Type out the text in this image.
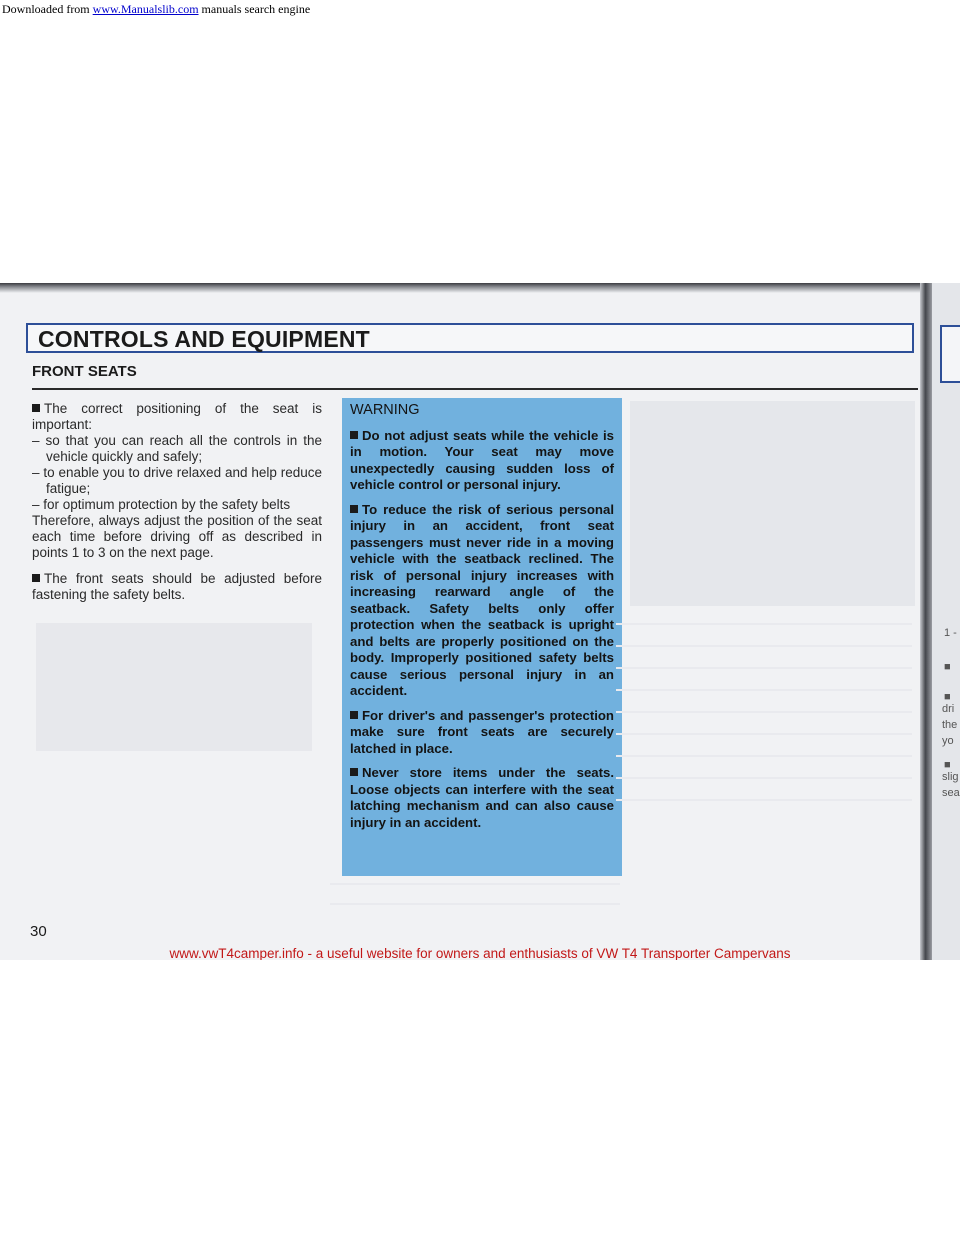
Downloaded from www.Manualslib.com manuals search engine
CONTROLS AND EQUIPMENT
FRONT SEATS

The correct positioning of the seat is important:
– so that you can reach all the controls in the vehicle quickly and safely;
– to enable you to drive relaxed and help reduce fatigue;
– for optimum protection by the safety belts
Therefore, always adjust the position of the seat each time before driving off as described in points 1 to 3 on the next page.

The front seats should be adjusted before fastening the safety belts.

WARNING

Do not adjust seats while the vehicle is in motion. Your seat may move unexpectedly causing sudden loss of vehicle control or personal injury.

To reduce the risk of serious personal injury in an accident, front seat passengers must never ride in a moving vehicle with the seatback reclined. The risk of personal injury increases with increasing rearward angle of the seatback. Safety belts only offer protection when the seatback is upright and belts are properly positioned on the body. Improperly positioned safety belts cause serious personal injury in an accident.

For driver's and passenger's protection make sure front seats are securely latched in place.

Never store items under the seats. Loose objects can interfere with the seat latching mechanism and can also cause injury in an accident.

30
1 -
■
■
dri
the
yo
■
slig
sea
www.vwT4camper.info - a useful website for owners and enthusiasts of VW T4 Transporter Campervans
